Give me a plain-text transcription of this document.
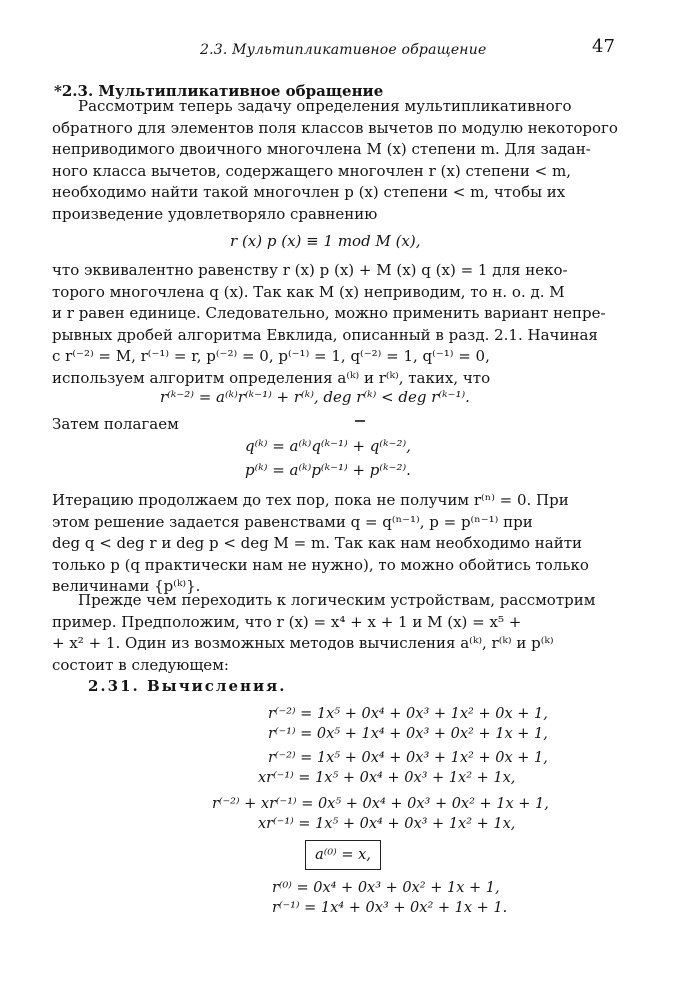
2.3. Мультипликативное обращение	47
*2.3. Мультипликативное обращение
Рассмотрим теперь задачу определения мультипликативного
обратного для элементов поля классов вычетов по модулю некоторого
неприводимого двоичного многочлена M (x) степени m. Для задан-
ного класса вычетов, содержащего многочлен r (x) степени < m,
необходимо найти такой многочлен p (x) степени < m, чтобы их
произведение удовлетворяло сравнению
r (x) p (x) ≡ 1 mod M (x),
что эквивалентно равенству r (x) p (x) + M (x) q (x) = 1 для неко-
торого многочлена q (x). Так как M (x) неприводим, то н. о. д. M
и r равен единице. Следовательно, можно применить вариант непре-
рывных дробей алгоритма Евклида, описанный в разд. 2.1. Начиная
с r⁽⁻²⁾ = M, r⁽⁻¹⁾ = r, p⁽⁻²⁾ = 0, p⁽⁻¹⁾ = 1, q⁽⁻²⁾ = 1, q⁽⁻¹⁾ = 0,
используем алгоритм определения a⁽ᵏ⁾ и r⁽ᵏ⁾, таких, что
r⁽ᵏ⁻²⁾ = a⁽ᵏ⁾r⁽ᵏ⁻¹⁾ + r⁽ᵏ⁾, deg r⁽ᵏ⁾ < deg r⁽ᵏ⁻¹⁾.
Затем полагаем
q⁽ᵏ⁾ = a⁽ᵏ⁾q⁽ᵏ⁻¹⁾ + q⁽ᵏ⁻²⁾,
p⁽ᵏ⁾ = a⁽ᵏ⁾p⁽ᵏ⁻¹⁾ + p⁽ᵏ⁻²⁾.
Итерацию продолжаем до тех пор, пока не получим r⁽ⁿ⁾ = 0. При
этом решение задается равенствами q = q⁽ⁿ⁻¹⁾, p = p⁽ⁿ⁻¹⁾ при
deg q < deg r и deg p < deg M = m. Так как нам необходимо найти
только p (q практически нам не нужно), то можно обойтись только
величинами {p⁽ᵏ⁾}.
Прежде чем переходить к логическим устройствам, рассмотрим
пример. Предположим, что r (x) = x⁴ + x + 1 и M (x) = x⁵ +
+ x² + 1. Один из возможных методов вычисления a⁽ᵏ⁾, r⁽ᵏ⁾ и p⁽ᵏ⁾
состоит в следующем:
2.31. Вычисления.
r⁽⁻²⁾ = 1x⁵ + 0x⁴ + 0x³ + 1x² + 0x + 1,
r⁽⁻¹⁾ = 0x⁵ + 1x⁴ + 0x³ + 0x² + 1x + 1,
r⁽⁻²⁾ = 1x⁵ + 0x⁴ + 0x³ + 1x² + 0x + 1,
xr⁽⁻¹⁾ = 1x⁵ + 0x⁴ + 0x³ + 1x² + 1x,
r⁽⁻²⁾ + xr⁽⁻¹⁾ = 0x⁵ + 0x⁴ + 0x³ + 0x² + 1x + 1,
xr⁽⁻¹⁾ = 1x⁵ + 0x⁴ + 0x³ + 1x² + 1x,
a⁽⁰⁾ = x,
r⁽⁰⁾ = 0x⁴ + 0x³ + 0x² + 1x + 1,
r⁽⁻¹⁾ = 1x⁴ + 0x³ + 0x² + 1x + 1.
